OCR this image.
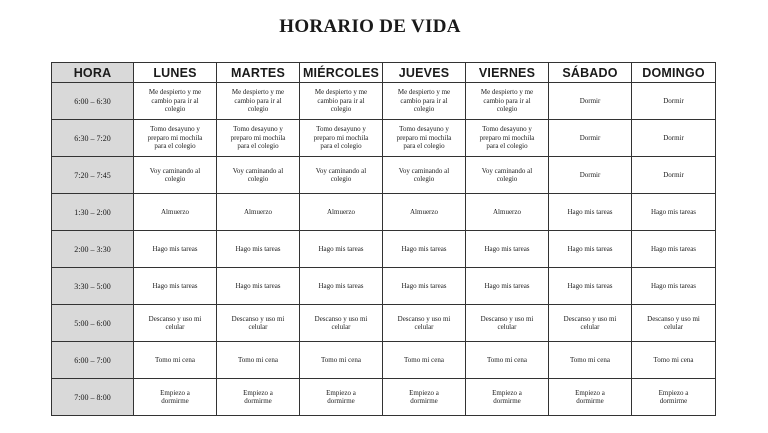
HORARIO DE VIDA
HORA	LUNES	MARTES	MIÉRCOLES	JUEVES	VIERNES	SÁBADO	DOMINGO
6:00 – 6:30	Me despierto y me
cambio para ir al
colegio	Me despierto y me
cambio para ir al
colegio	Me despierto y me
cambio para ir al
colegio	Me despierto y me
cambio para ir al
colegio	Me despierto y me
cambio para ir al
colegio	Dormir	Dormir
6:30 – 7:20	Tomo desayuno y
preparo mi mochila
para el colegio	Tomo desayuno y
preparo mi mochila
para el colegio	Tomo desayuno y
preparo mi mochila
para el colegio	Tomo desayuno y
preparo mi mochila
para el colegio	Tomo desayuno y
preparo mi mochila
para el colegio	Dormir	Dormir
7:20 – 7:45	Voy caminando al
colegio	Voy caminando al
colegio	Voy caminando al
colegio	Voy caminando al
colegio	Voy caminando al
colegio	Dormir	Dormir
1:30 – 2:00	Almuerzo	Almuerzo	Almuerzo	Almuerzo	Almuerzo	Hago mis tareas	Hago mis tareas
2:00 – 3:30	Hago mis tareas	Hago mis tareas	Hago mis tareas	Hago mis tareas	Hago mis tareas	Hago mis tareas	Hago mis tareas
3:30 – 5:00	Hago mis tareas	Hago mis tareas	Hago mis tareas	Hago mis tareas	Hago mis tareas	Hago mis tareas	Hago mis tareas
5:00 – 6:00	Descanso y uso mi
celular	Descanso y uso mi
celular	Descanso y uso mi
celular	Descanso y uso mi
celular	Descanso y uso mi
celular	Descanso y uso mi
celular	Descanso y uso mi
celular
6:00 – 7:00	Tomo mi cena	Tomo mi cena	Tomo mi cena	Tomo mi cena	Tomo mi cena	Tomo mi cena	Tomo mi cena
7:00 – 8:00	Empiezo a
dormirme	Empiezo a
dormirme	Empiezo a
dormirme	Empiezo a
dormirme	Empiezo a
dormirme	Empiezo a
dormirme	Empiezo a
dormirme
